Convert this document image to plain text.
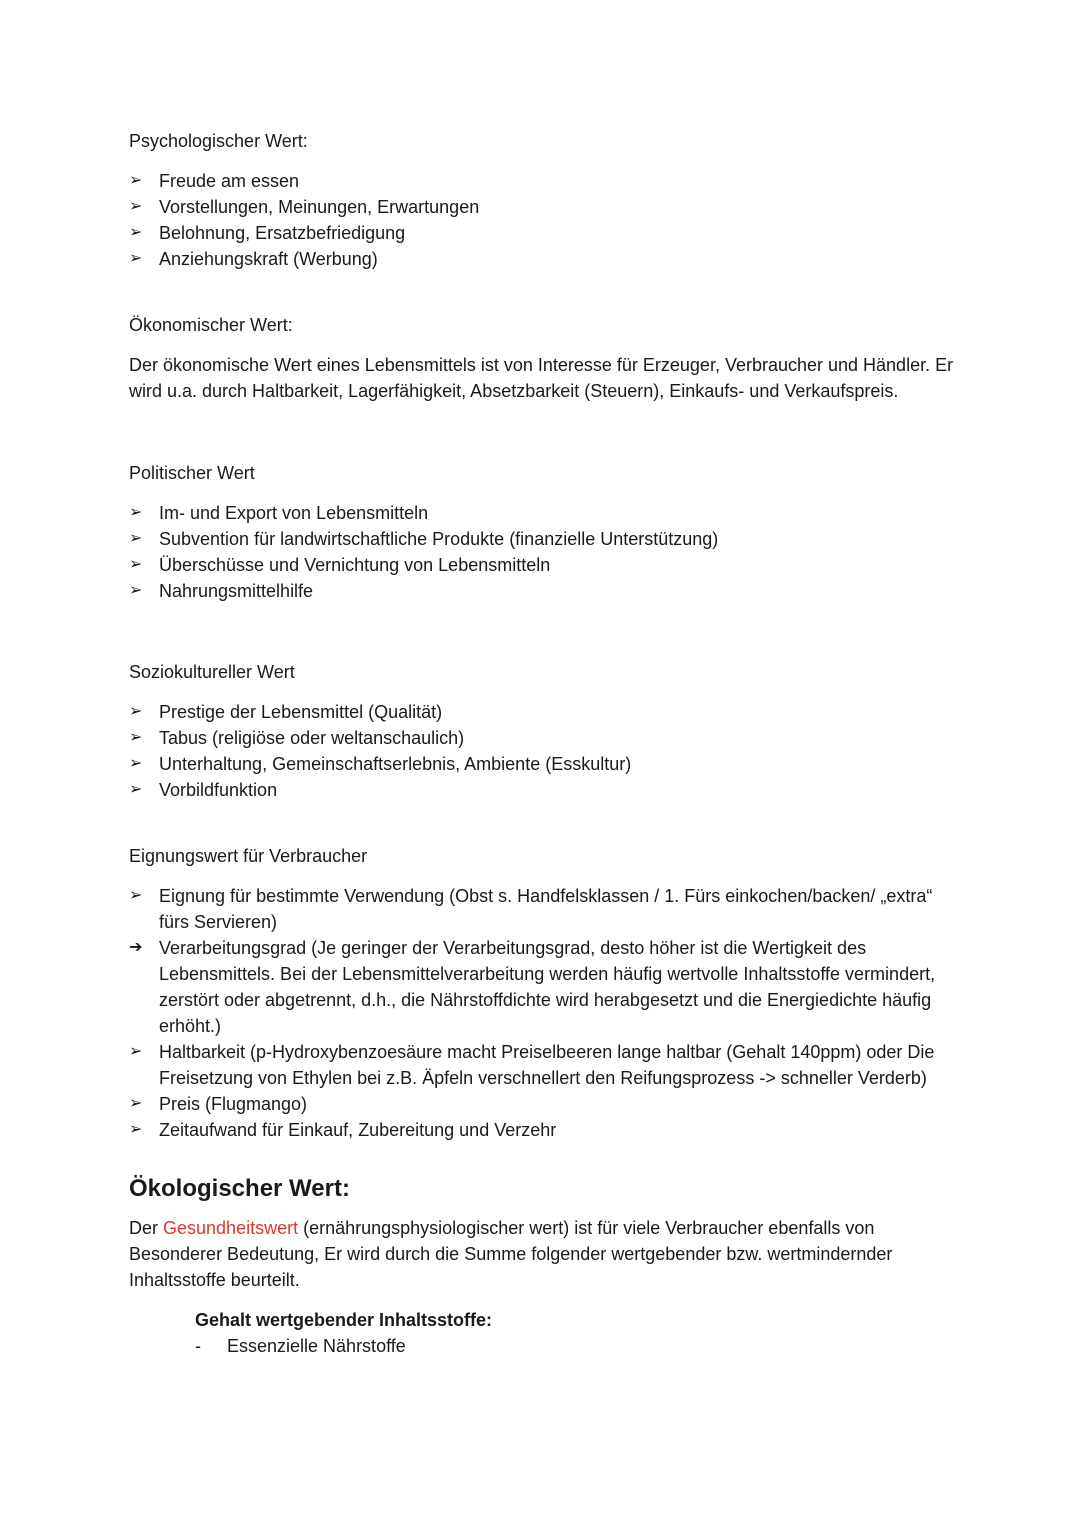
Psychologischer Wert:

➢ Freude am essen
➢ Vorstellungen, Meinungen, Erwartungen
➢ Belohnung, Ersatzbefriedigung
➢ Anziehungskraft (Werbung)

Ökonomischer Wert:

Der ökonomische Wert eines Lebensmittels ist von Interesse für Erzeuger, Verbraucher und Händler. Er wird u.a. durch Haltbarkeit, Lagerfähigkeit, Absetzbarkeit (Steuern), Einkaufs- und Verkaufspreis.

Politischer Wert

➢ Im- und Export von Lebensmitteln
➢ Subvention für landwirtschaftliche Produkte (finanzielle Unterstützung)
➢ Überschüsse und Vernichtung von Lebensmitteln
➢ Nahrungsmittelhilfe

Soziokultureller Wert

➢ Prestige der Lebensmittel (Qualität)
➢ Tabus (religiöse oder weltanschaulich)
➢ Unterhaltung, Gemeinschaftserlebnis, Ambiente (Esskultur)
➢ Vorbildfunktion

Eignungswert für Verbraucher

➢ Eignung für bestimmte Verwendung (Obst s. Handfelsklassen / 1. Fürs einkochen/backen/ „extra“ fürs Servieren)
➔ Verarbeitungsgrad (Je geringer der Verarbeitungsgrad, desto höher ist die Wertigkeit des Lebensmittels. Bei der Lebensmittelverarbeitung werden häufig wertvolle Inhaltsstoffe vermindert, zerstört oder abgetrennt, d.h., die Nährstoffdichte wird herabgesetzt und die Energiedichte häufig erhöht.)
➢ Haltbarkeit (p-Hydroxybenzoesäure macht Preiselbeeren lange haltbar (Gehalt 140ppm) oder Die Freisetzung von Ethylen bei z.B. Äpfeln verschnellert den Reifungsprozess -> schneller Verderb)
➢ Preis (Flugmango)
➢ Zeitaufwand für Einkauf, Zubereitung und Verzehr

Ökologischer Wert:

Der Gesundheitswert (ernährungsphysiologischer wert) ist für viele Verbraucher ebenfalls von Besonderer Bedeutung, Er wird durch die Summe folgender wertgebender bzw. wertmindernder Inhaltsstoffe beurteilt.

Gehalt wertgebender Inhaltsstoffe:

- Essenzielle Nährstoffe
